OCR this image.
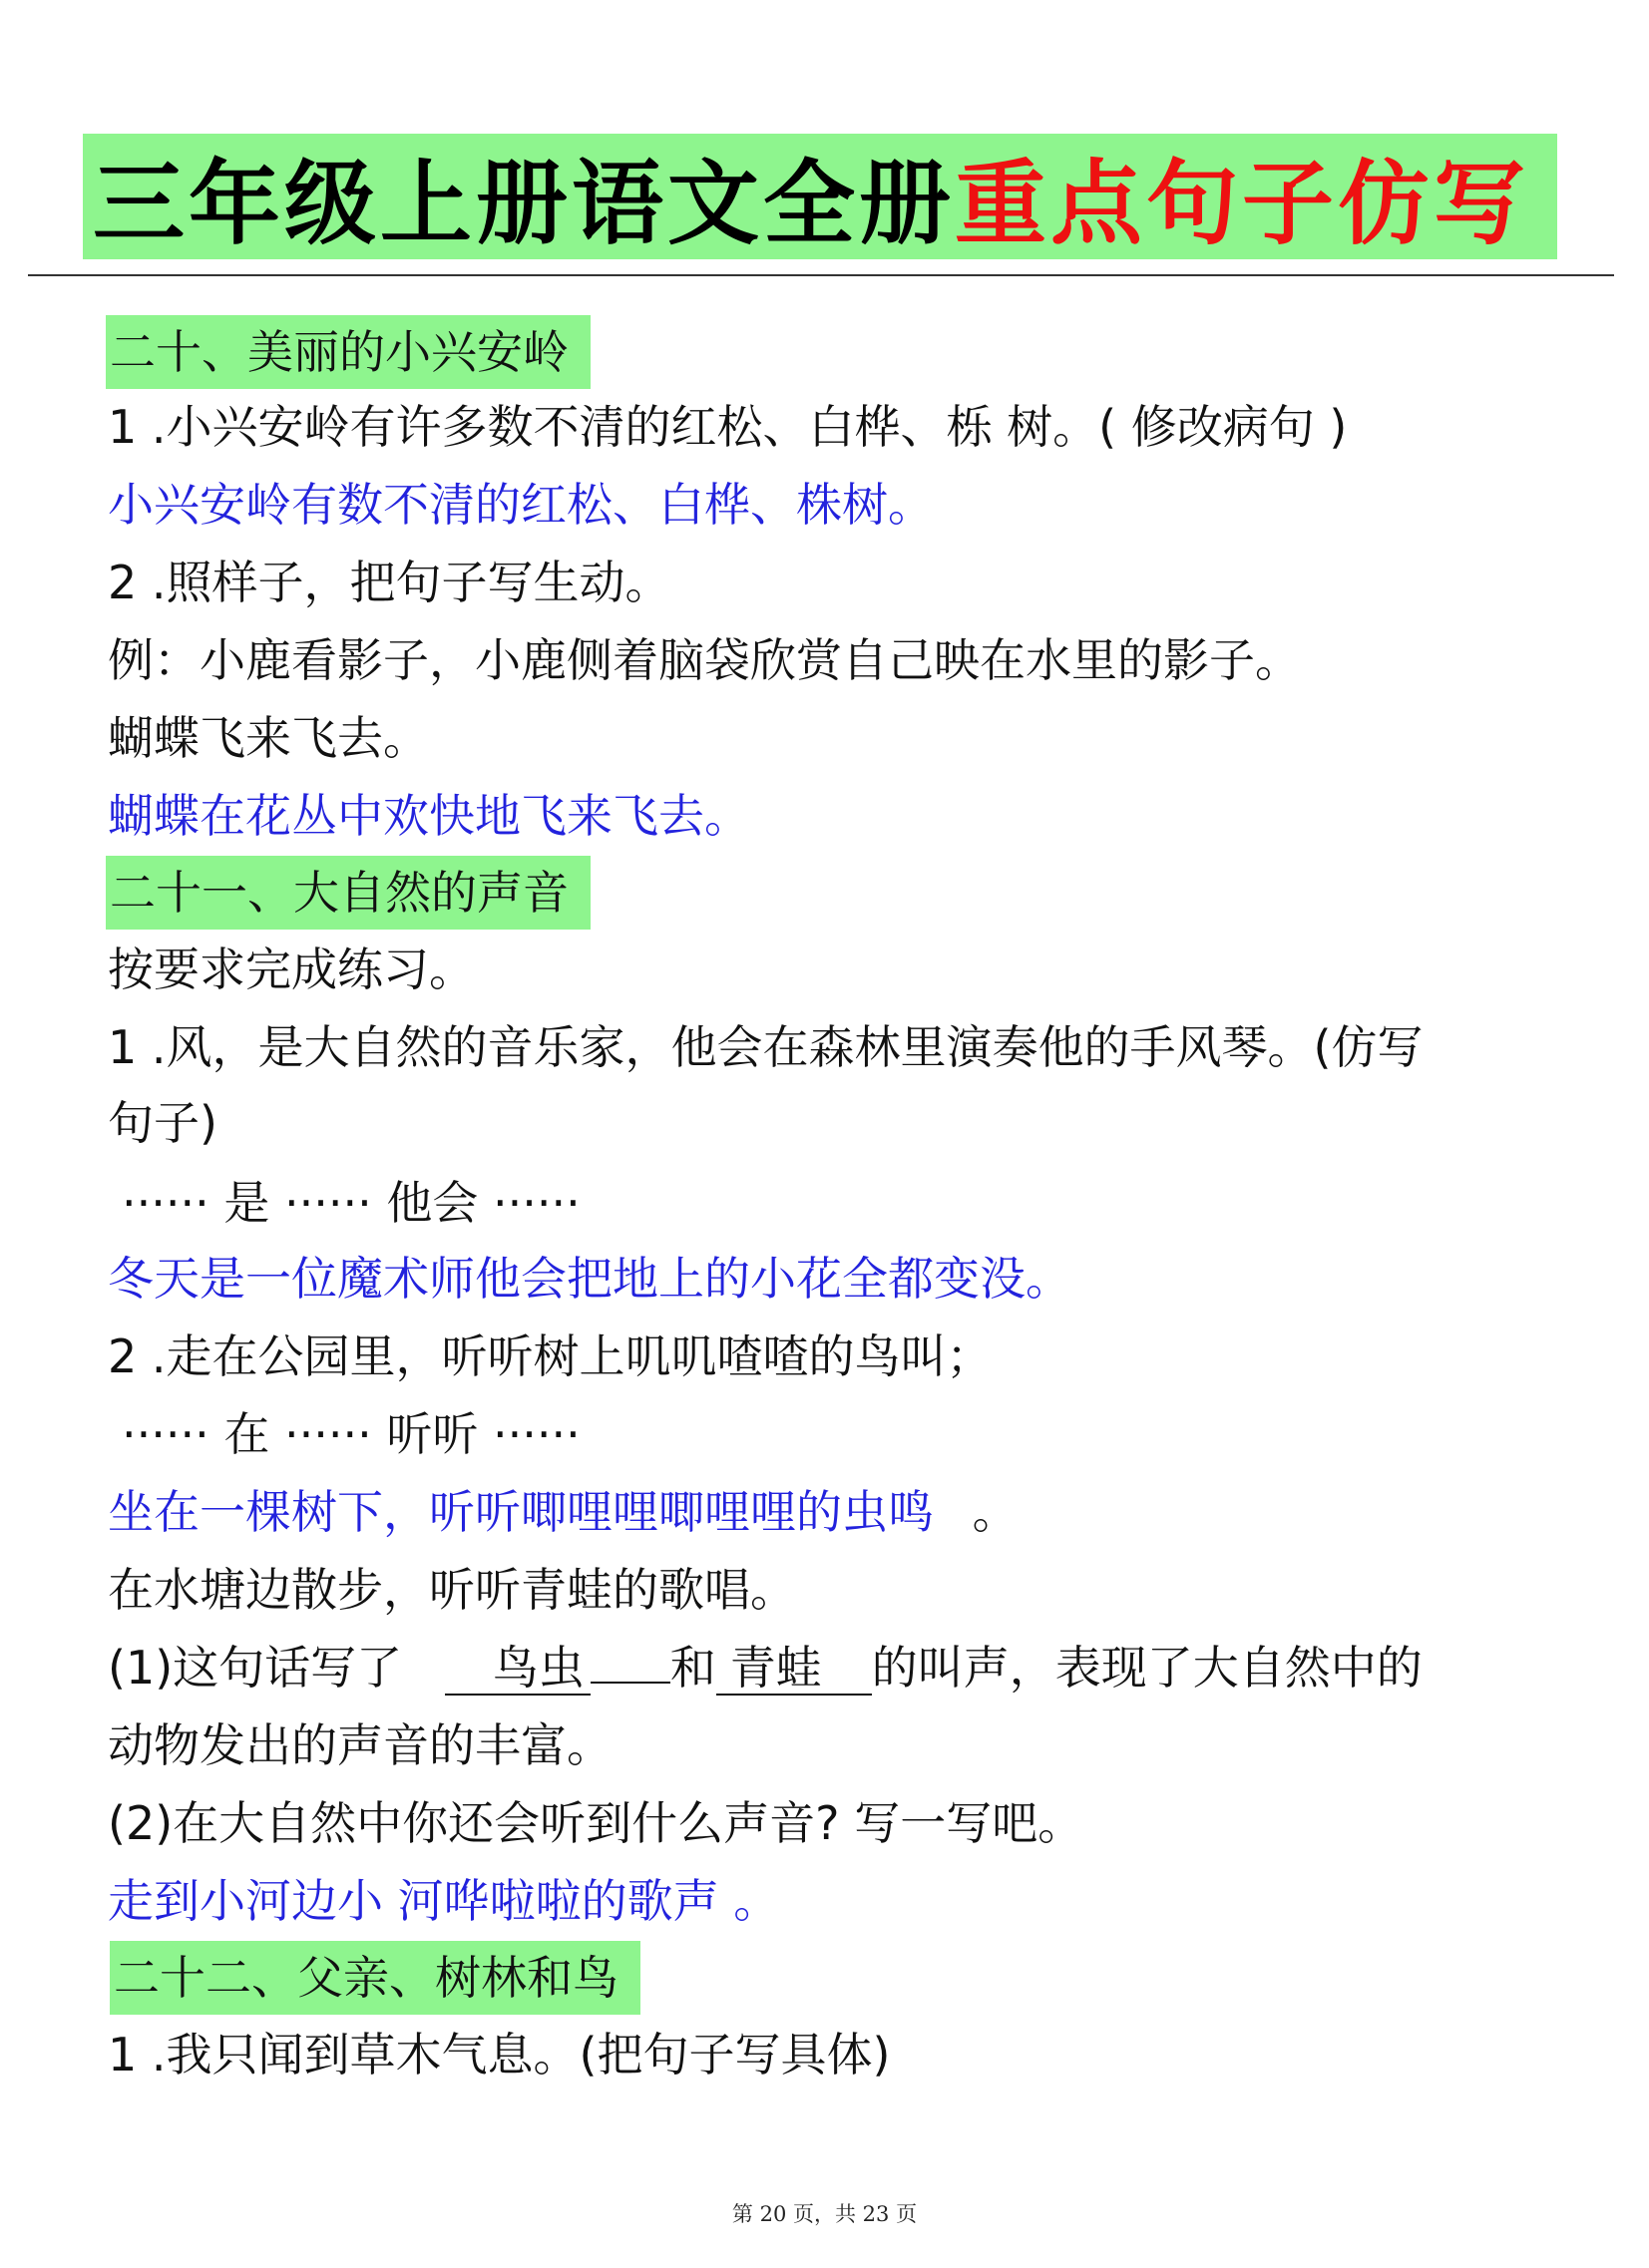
三年级上册语文全册 重点句子仿写
二十、美丽的小兴安岭
1 .小兴安岭有许多数不清的红松、白桦、栎 树。( 修改病句 )
小兴安岭有数不清的红松、白桦、株树。
2 .照样子，把句子写生动。
例：小鹿看影子，小鹿侧着脑袋欣赏自己映在水里的影子。
蝴蝶飞来飞去。
蝴蝶在花丛中欢快地飞来飞去。
二十一、大自然的声音
按要求完成练习。
1 .风，是大自然的音乐家，他会在森林里演奏他的手风琴。(仿写
句子)
······ 是 ······ 他会 ······
冬天是一位魔术师他会把地上的小花全都变没。
2 .走在公园里，听听树上叽叽喳喳的鸟叫；
······ 在 ······ 听听 ······
坐在一棵树下，听听唧哩哩唧哩哩的虫鸣 。
在水塘边散步，听听青蛙的歌唱。
(1)这句话写了 鸟虫 和 青蛙 的叫声，表现了大自然中的
动物发出的声音的丰富。
(2)在大自然中你还会听到什么声音? 写一写吧。
走到小河边小 河哗啦啦的歌声 。
二十二、父亲、树林和鸟
1 .我只闻到草木气息。(把句子写具体)
第 20 页，共 23 页
